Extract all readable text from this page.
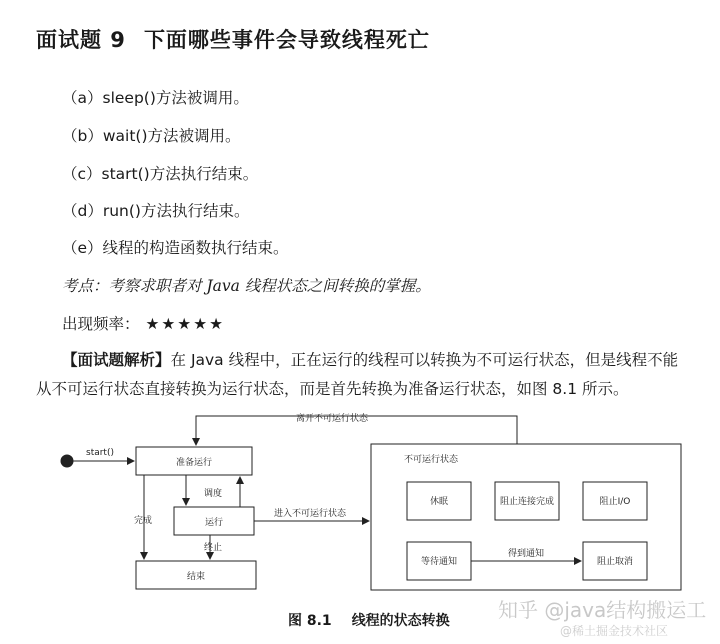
面试题 9 下面哪些事件会导致线程死亡
（a）sleep()方法被调用。
（b）wait()方法被调用。
（c）start()方法执行结束。
（d）run()方法执行结束。
（e）线程的构造函数执行结束。
考点：考察求职者对 Java 线程状态之间转换的掌握。
出现频率： ★★★★★
【面试题解析】在 Java 线程中，正在运行的线程可以转换为不可运行状态，但是线程不能从不可运行状态直接转换为运行状态，而是首先转换为准备运行状态，如图 8.1 所示。
start()
准备运行
运行
结束
调度
完成
终止
进入不可运行状态
离开不可运行状态
不可运行状态
休眠	阻止连接完成	阻止I/O
等待通知
得到通知
阻止取消
图 8.1 线程的状态转换 知乎 @java结构搬运工
@稀土掘金技术社区
